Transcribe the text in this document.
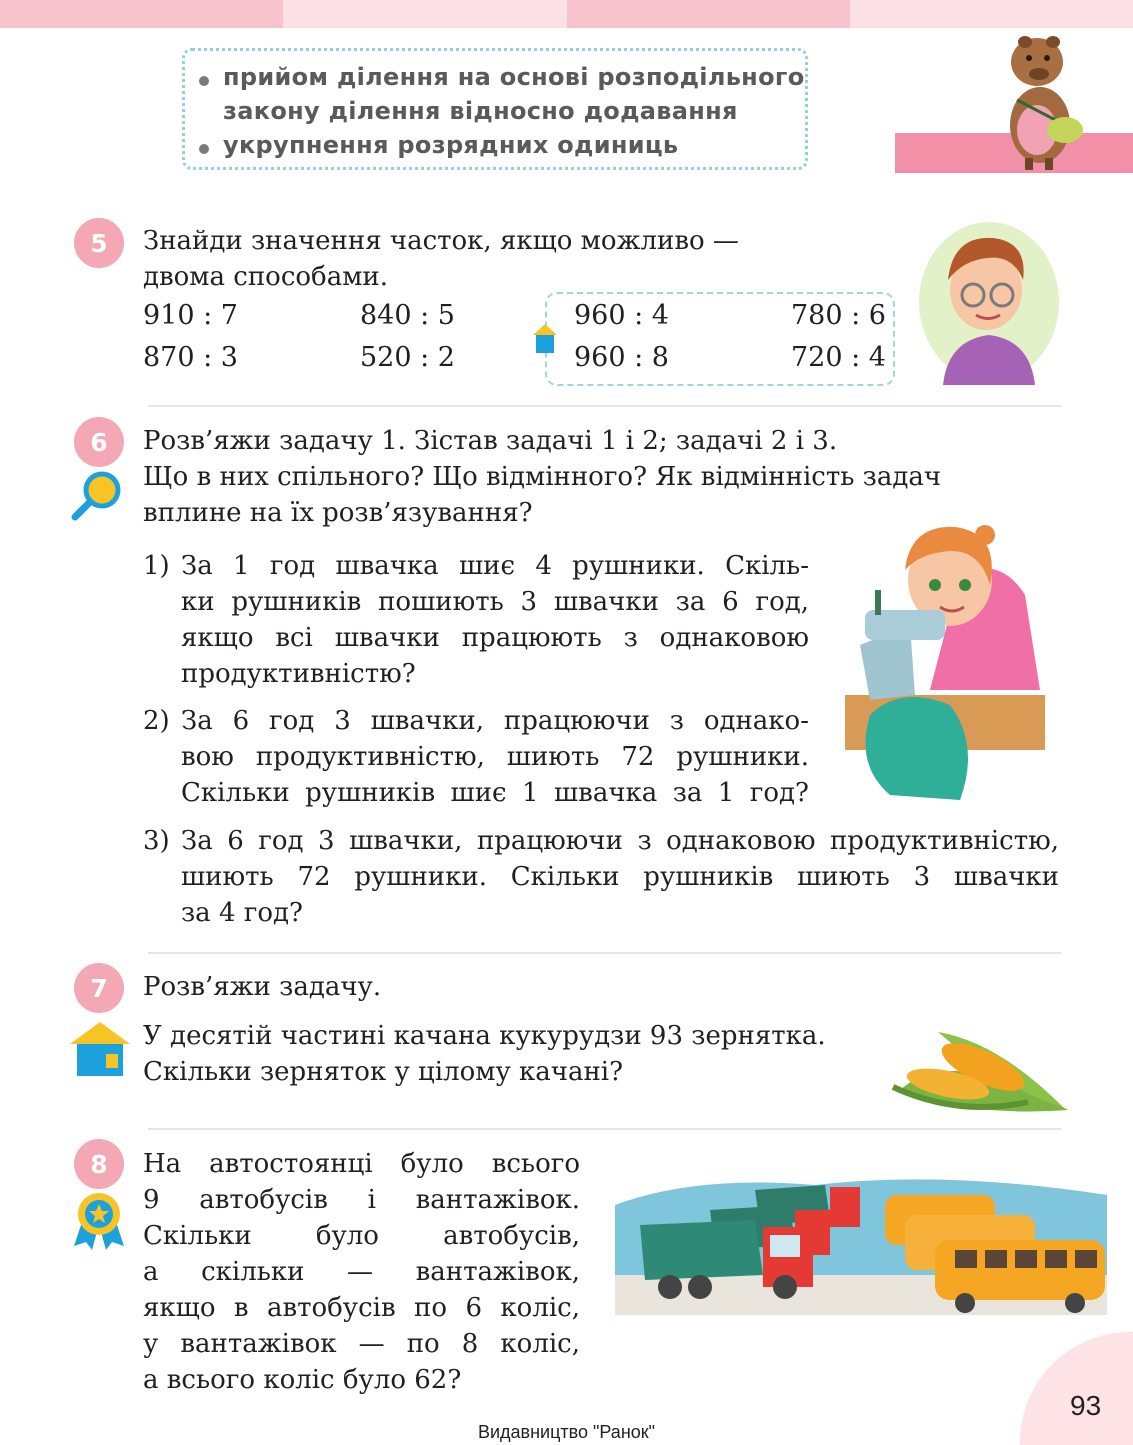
прийом ділення на основі розподільного
закону ділення відносно додавання
укрупнення розрядних одиниць
5	Знайди значення часток, якщо можливо —
двома способами.
910 : 7	840 : 5	960 : 4	780 : 6
870 : 3	520 : 2	960 : 8	720 : 4
6	Розв’яжи задачу 1. Зістав задачі 1 і 2; задачі 2 і 3.
Що в них спільного? Що відмінного? Як відмінність задач
вплине на їх розв’язування?
1) За 1 год швачка шиє 4 рушники. Скіль-
ки рушників пошиють 3 швачки за 6 год,
якщо всі швачки працюють з однаковою
продуктивністю?
2) За 6 год 3 швачки, працюючи з однако-
вою продуктивністю, шиють 72 рушники.
Скільки рушників шиє 1 швачка за 1 год?
3) За 6 год 3 швачки, працюючи з однаковою продуктивністю,
шиють 72 рушники. Скільки рушників шиють 3 швачки
за 4 год?
7	Розв’яжи задачу.
У десятій частині качана кукурудзи 93 зернятка.
Скільки зерняток у цілому качані?
8	На автостоянці було всього
9 автобусів і вантажівок.
Скільки було автобусів,
а скільки — вантажівок,
якщо в автобусів по 6 коліс,
у вантажівок — по 8 коліс,
а всього коліс було 62?
93
Видавництво "Ранок"
